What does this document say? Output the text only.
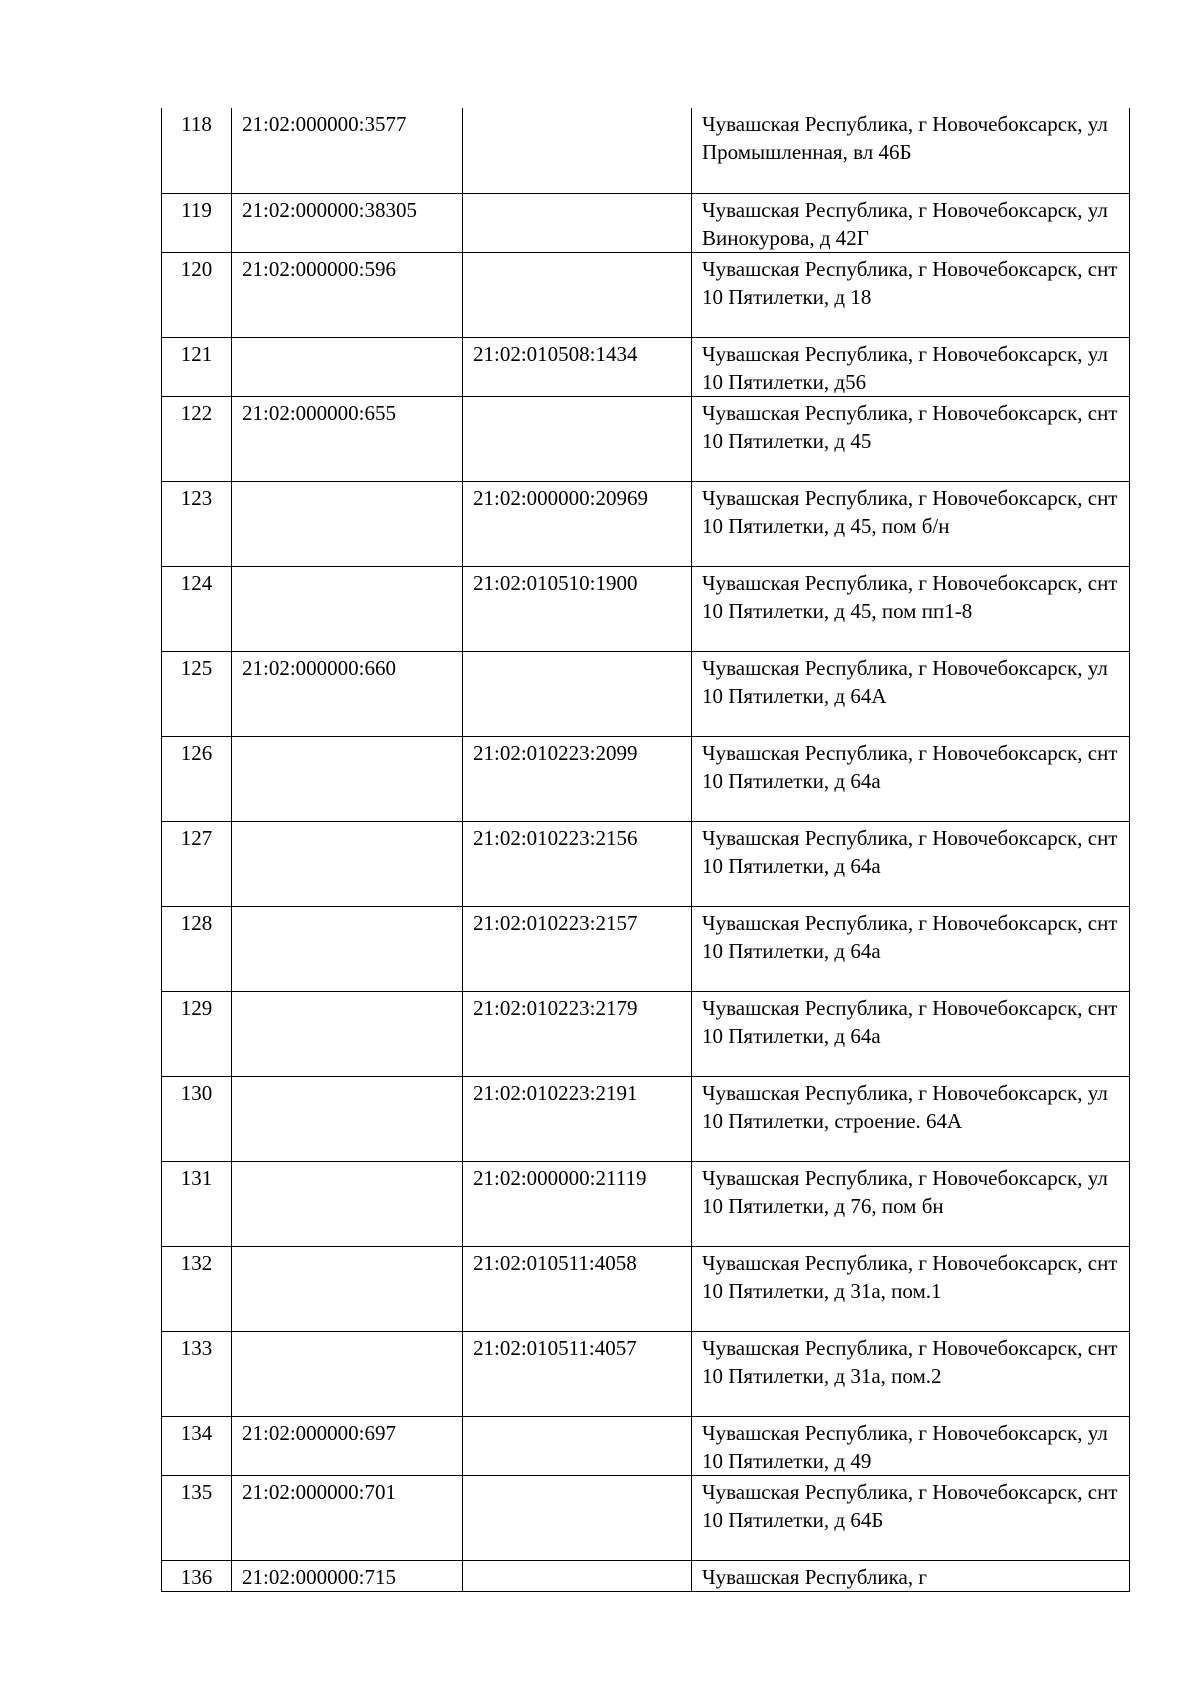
118	21:02:000000:3577		Чувашская Республика, г Новочебоксарск, ул Промышленная, вл 46Б
119	21:02:000000:38305		Чувашская Республика, г Новочебоксарск, ул Винокурова, д 42Г
120	21:02:000000:596		Чувашская Республика, г Новочебоксарск, снт 10 Пятилетки, д 18
121		21:02:010508:1434	Чувашская Республика, г Новочебоксарск, ул 10 Пятилетки, д56
122	21:02:000000:655		Чувашская Республика, г Новочебоксарск, снт 10 Пятилетки, д 45
123		21:02:000000:20969	Чувашская Республика, г Новочебоксарск, снт 10 Пятилетки, д 45, пом б/н
124		21:02:010510:1900	Чувашская Республика, г Новочебоксарск, снт 10 Пятилетки, д 45, пом пп1-8
125	21:02:000000:660		Чувашская Республика, г Новочебоксарск, ул 10 Пятилетки, д 64А
126		21:02:010223:2099	Чувашская Республика, г Новочебоксарск, снт 10 Пятилетки, д 64а
127		21:02:010223:2156	Чувашская Республика, г Новочебоксарск, снт 10 Пятилетки, д 64а
128		21:02:010223:2157	Чувашская Республика, г Новочебоксарск, снт 10 Пятилетки, д 64а
129		21:02:010223:2179	Чувашская Республика, г Новочебоксарск, снт 10 Пятилетки, д 64а
130		21:02:010223:2191	Чувашская Республика, г Новочебоксарск, ул 10 Пятилетки, строение. 64А
131		21:02:000000:21119	Чувашская Республика, г Новочебоксарск, ул 10 Пятилетки, д 76, пом бн
132		21:02:010511:4058	Чувашская Республика, г Новочебоксарск, снт 10 Пятилетки, д 31а, пом.1
133		21:02:010511:4057	Чувашская Республика, г Новочебоксарск, снт 10 Пятилетки, д 31а, пом.2
134	21:02:000000:697		Чувашская Республика, г Новочебоксарск, ул 10 Пятилетки, д 49
135	21:02:000000:701		Чувашская Республика, г Новочебоксарск, снт 10 Пятилетки, д 64Б
136	21:02:000000:715		Чувашская Республика, г
